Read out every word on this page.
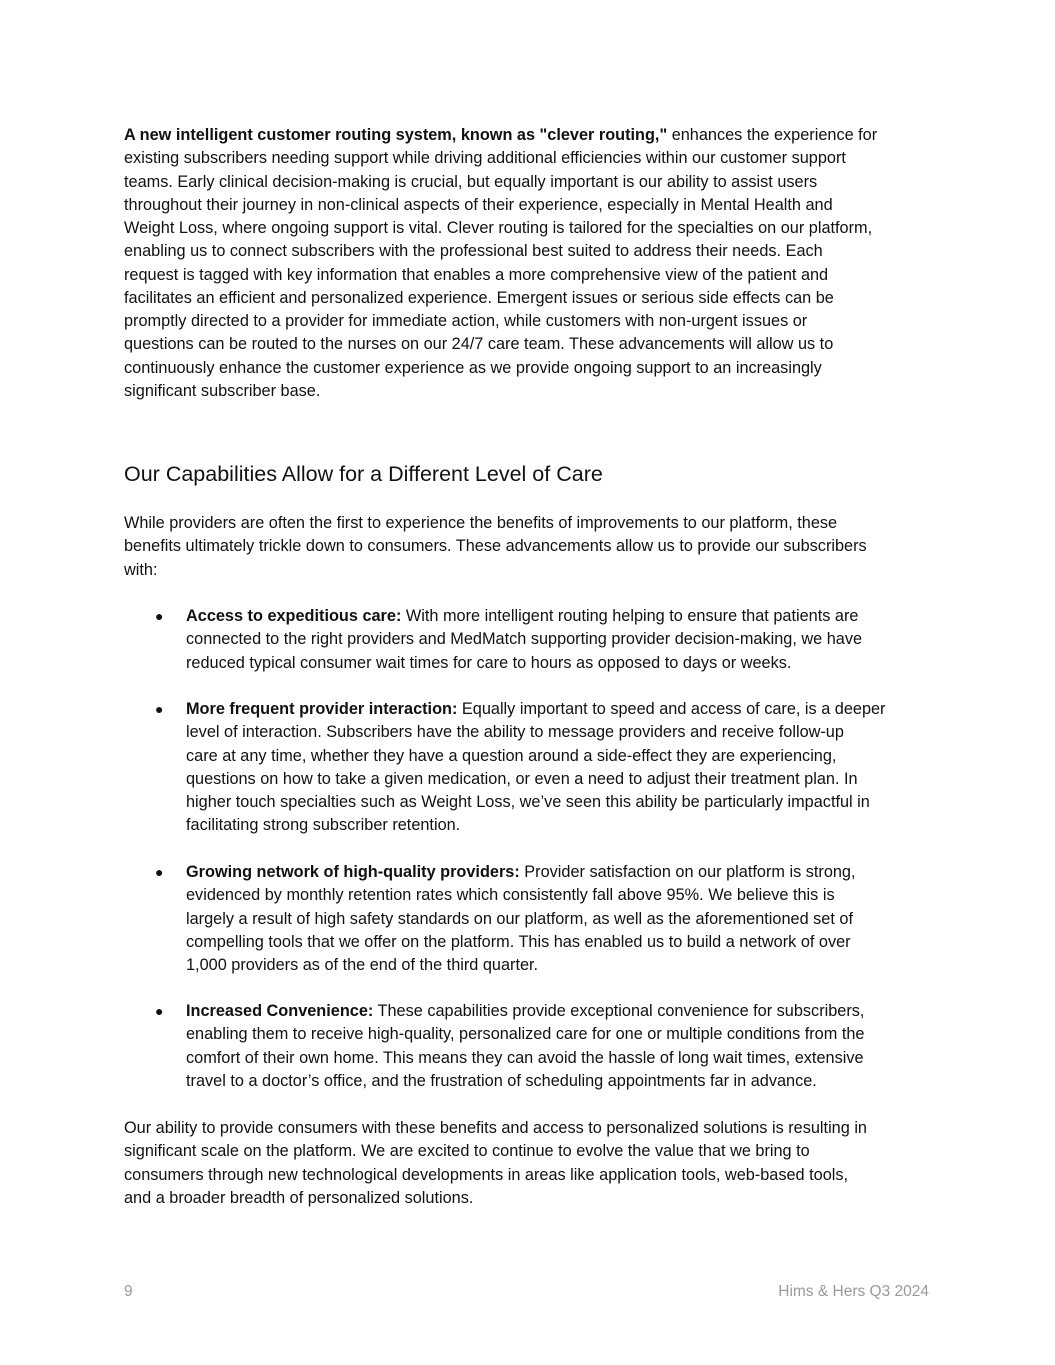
A new intelligent customer routing system, known as "clever routing," enhances the experience for
existing subscribers needing support while driving additional efficiencies within our customer support
teams. Early clinical decision-making is crucial, but equally important is our ability to assist users
throughout their journey in non-clinical aspects of their experience, especially in Mental Health and
Weight Loss, where ongoing support is vital. Clever routing is tailored for the specialties on our platform,
enabling us to connect subscribers with the professional best suited to address their needs. Each
request is tagged with key information that enables a more comprehensive view of the patient and
facilitates an efficient and personalized experience. Emergent issues or serious side effects can be
promptly directed to a provider for immediate action, while customers with non-urgent issues or
questions can be routed to the nurses on our 24/7 care team. These advancements will allow us to
continuously enhance the customer experience as we provide ongoing support to an increasingly
significant subscriber base.
Our Capabilities Allow for a Different Level of Care
While providers are often the first to experience the benefits of improvements to our platform, these
benefits ultimately trickle down to consumers. These advancements allow us to provide our subscribers
with:
● Access to expeditious care: With more intelligent routing helping to ensure that patients are
connected to the right providers and MedMatch supporting provider decision-making, we have
reduced typical consumer wait times for care to hours as opposed to days or weeks.
● More frequent provider interaction: Equally important to speed and access of care, is a deeper
level of interaction. Subscribers have the ability to message providers and receive follow-up
care at any time, whether they have a question around a side-effect they are experiencing,
questions on how to take a given medication, or even a need to adjust their treatment plan. In
higher touch specialties such as Weight Loss, we’ve seen this ability be particularly impactful in
facilitating strong subscriber retention.
● Growing network of high-quality providers: Provider satisfaction on our platform is strong,
evidenced by monthly retention rates which consistently fall above 95%. We believe this is
largely a result of high safety standards on our platform, as well as the aforementioned set of
compelling tools that we offer on the platform. This has enabled us to build a network of over
1,000 providers as of the end of the third quarter.
● Increased Convenience: These capabilities provide exceptional convenience for subscribers,
enabling them to receive high-quality, personalized care for one or multiple conditions from the
comfort of their own home. This means they can avoid the hassle of long wait times, extensive
travel to a doctor’s office, and the frustration of scheduling appointments far in advance.
Our ability to provide consumers with these benefits and access to personalized solutions is resulting in
significant scale on the platform. We are excited to continue to evolve the value that we bring to
consumers through new technological developments in areas like application tools, web-based tools,
and a broader breadth of personalized solutions.
9	Hims & Hers Q3 2024
